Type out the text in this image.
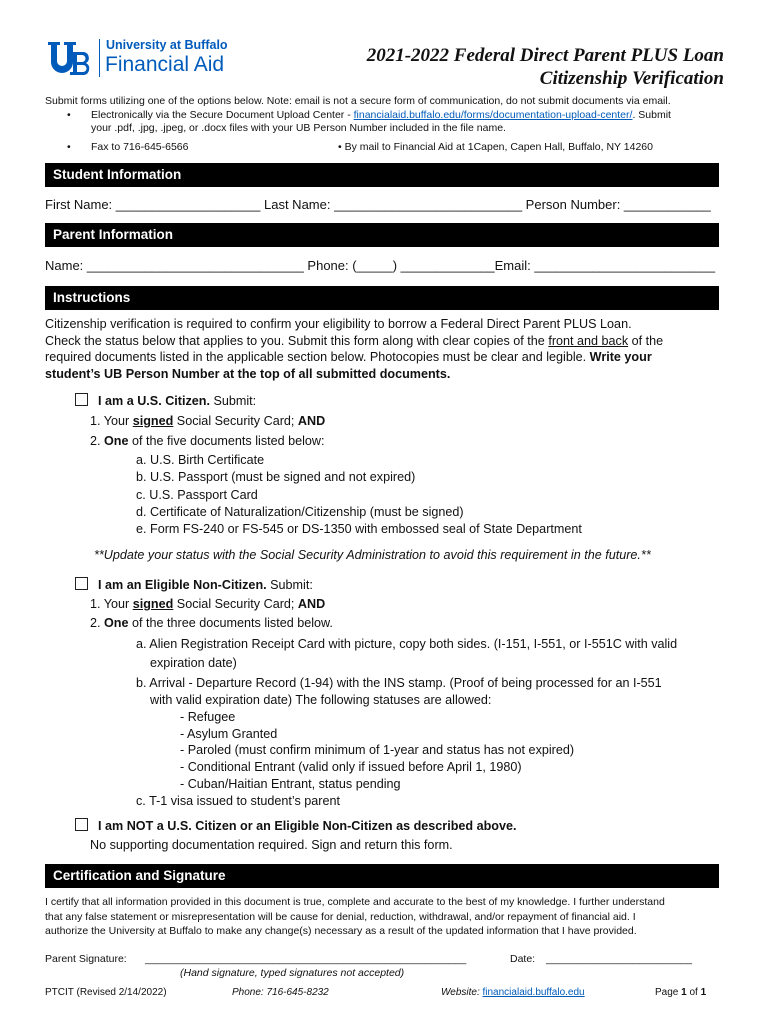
University at Buffalo
Financial Aid	2021-2022 Federal Direct Parent PLUS Loan
Citizenship Verification
Submit forms utilizing one of the options below. Note: email is not a secure form of communication, do not submit documents via email.
• Electronically via the Secure Document Upload Center - financialaid.buffalo.edu/forms/documentation-upload-center/. Submit
your .pdf, .jpg, .jpeg, or .docx files with your UB Person Number included in the file name.
• Fax to 716-645-6566	• By mail to Financial Aid at 1Capen, Capen Hall, Buffalo, NY 14260
Student Information
First Name: ____________________ Last Name: __________________________ Person Number: ____________
Parent Information
Name: ______________________________ Phone: (_____) _____________Email: _________________________
Instructions
Citizenship verification is required to confirm your eligibility to borrow a Federal Direct Parent PLUS Loan.
Check the status below that applies to you. Submit this form along with clear copies of the front and back of the
required documents listed in the applicable section below. Photocopies must be clear and legible. Write your
student’s UB Person Number at the top of all submitted documents.
I am a U.S. Citizen. Submit:
1. Your signed Social Security Card; AND
2. One of the five documents listed below:
a. U.S. Birth Certificate
b. U.S. Passport (must be signed and not expired)
c. U.S. Passport Card
d. Certificate of Naturalization/Citizenship (must be signed)
e. Form FS-240 or FS-545 or DS-1350 with embossed seal of State Department
**Update your status with the Social Security Administration to avoid this requirement in the future.**
I am an Eligible Non-Citizen. Submit:
1. Your signed Social Security Card; AND
2. One of the three documents listed below.
a. Alien Registration Receipt Card with picture, copy both sides. (I-151, I-551, or I-551C with valid
expiration date)
b. Arrival - Departure Record (1-94) with the INS stamp. (Proof of being processed for an I-551
with valid expiration date) The following statuses are allowed:
- Refugee
- Asylum Granted
- Paroled (must confirm minimum of 1-year and status has not expired)
- Conditional Entrant (valid only if issued before April 1, 1980)
- Cuban/Haitian Entrant, status pending
c. T-1 visa issued to student’s parent
I am NOT a U.S. Citizen or an Eligible Non-Citizen as described above.
No supporting documentation required. Sign and return this form.
Certification and Signature
I certify that all information provided in this document is true, complete and accurate to the best of my knowledge. I further understand
that any false statement or misrepresentation will be cause for denial, reduction, withdrawal, and/or repayment of financial aid. I
authorize the University at Buffalo to make any change(s) necessary as a result of the updated information that I have provided.
Parent Signature: _______________________________________________________	Date: _________________________
(Hand signature, typed signatures not accepted)
PTCIT (Revised 2/14/2022)	Phone: 716-645-8232	Website: financialaid.buffalo.edu	Page 1 of 1
